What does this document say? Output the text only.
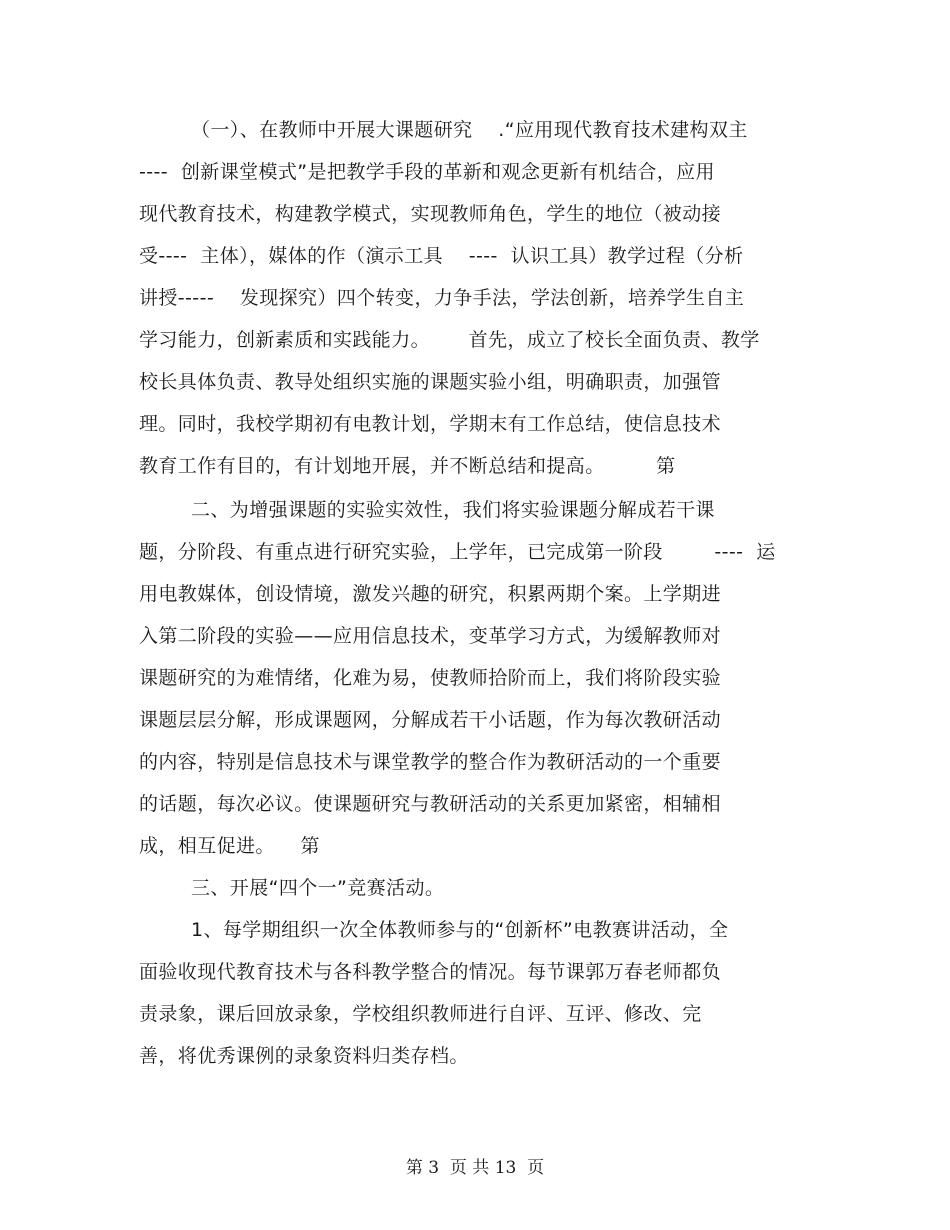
（一）、在教师中开展大课题研究    .“应用现代教育技术建构双主
----  创新课堂模式”是把教学手段的革新和观念更新有机结合，应用
现代教育技术，构建教学模式，实现教师角色，学生的地位（被动接
受----  主体），媒体的作（演示工具    ----  认识工具）教学过程（分析
讲授-----    发现探究）四个转变，力争手法，学法创新，培养学生自主
学习能力，创新素质和实践能力。      首先，成立了校长全面负责、教学
校长具体负责、教导处组织实施的课题实验小组，明确职责，加强管
理。同时，我校学期初有电教计划，学期末有工作总结，使信息技术
教育工作有目的，有计划地开展，并不断总结和提高。        第
二、为增强课题的实验实效性，我们将实验课题分解成若干课
题，分阶段、有重点进行研究实验，上学年，已完成第一阶段        ----  运
用电教媒体，创设情境，激发兴趣的研究，积累两期个案。上学期进
入第二阶段的实验——应用信息技术，变革学习方式，为缓解教师对
课题研究的为难情绪，化难为易，使教师拾阶而上，我们将阶段实验
课题层层分解，形成课题网，分解成若干小话题，作为每次教研活动
的内容，特别是信息技术与课堂教学的整合作为教研活动的一个重要
的话题，每次必议。使课题研究与教研活动的关系更加紧密，相辅相
成，相互促进。    第
三、开展“四个一”竞赛活动。
1、每学期组织一次全体教师参与的“创新杯”电教赛讲活动，全
面验收现代教育技术与各科教学整合的情况。每节课郭万春老师都负
责录象，课后回放录象，学校组织教师进行自评、互评、修改、完
善，将优秀课例的录象资料归类存档。
第 3  页 共 13  页
